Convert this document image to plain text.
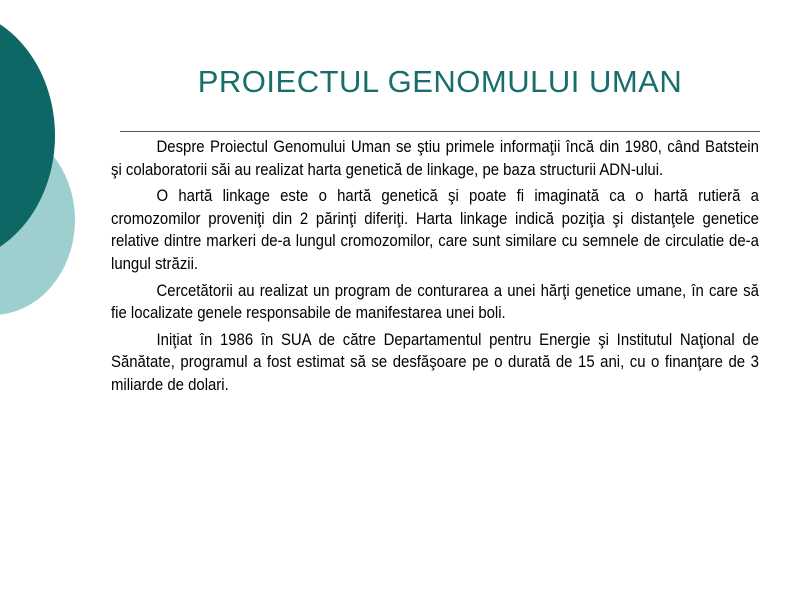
PROIECTUL GENOMULUI UMAN

Despre Proiectul Genomului Uman se ştiu primele informaţii încă din 1980, când Batstein şi colaboratorii săi au realizat harta genetică de linkage, pe baza structurii ADN-ului.

O hartă linkage este o hartă genetică şi poate fi imaginată ca o hartă rutieră a cromozomilor proveniţi din 2 părinţi diferiţi. Harta linkage indică poziţia şi distanţele genetice relative dintre markeri de-a lungul cromozomilor, care sunt similare cu semnele de circulatie de-a lungul străzii.

Cercetătorii au realizat un program de conturarea a unei hărţi genetice umane, în care să fie localizate genele responsabile de manifestarea unei boli.

Iniţiat în 1986 în SUA de către Departamentul pentru Energie şi Institutul Naţional de Sănătate, programul a fost estimat să se desfăşoare pe o durată de 15 ani, cu o finanţare de 3 miliarde de dolari.
